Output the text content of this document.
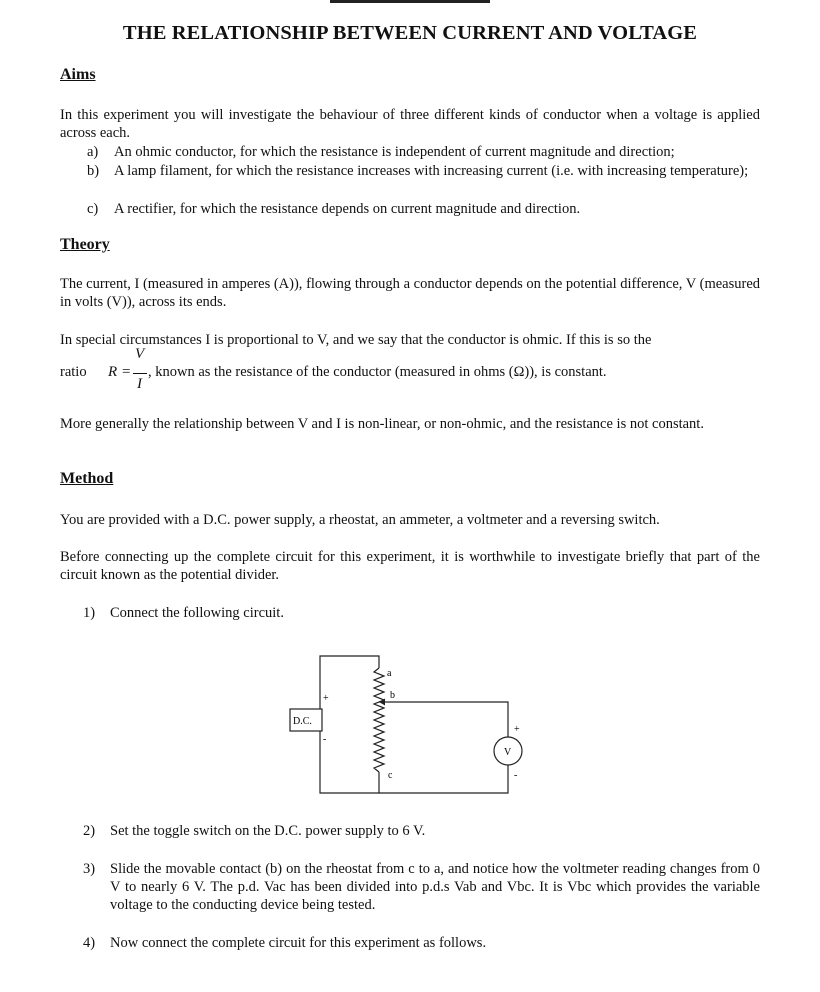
THE RELATIONSHIP BETWEEN CURRENT AND VOLTAGE
Aims

In this experiment you will investigate the behaviour of three different kinds of conductor when a voltage is applied across each.

a) An ohmic conductor, for which the resistance is independent of current magnitude and direction;
b) A lamp filament, for which the resistance increases with increasing current (i.e. with increasing temperature);
c) A rectifier, for which the resistance depends on current magnitude and direction.
Theory

The current, I (measured in amperes (A)), flowing through a conductor depends on the potential difference, V (measured in volts (V)), across its ends.

In special circumstances I is proportional to V, and we say that the conductor is ohmic. If this is so the

ratio R =
V
I
, known as the resistance of the conductor (measured in ohms (Ω)), is constant.

More generally the relationship between V and I is non-linear, or non-ohmic, and the resistance is not constant.

Method

You are provided with a D.C. power supply, a rheostat, an ammeter, a voltmeter and a reversing switch.

Before connecting up the complete circuit for this experiment, it is worthwhile to investigate briefly that part of the circuit known as the potential divider.

1) Connect the following circuit.
D.C.
+
-
a
b
c
V
+
-
2) Set the toggle switch on the D.C. power supply to 6 V.
3) Slide the movable contact (b) on the rheostat from c to a, and notice how the voltmeter reading changes from 0 V to nearly 6 V. The p.d. Vac has been divided into p.d.s Vab and Vbc. It is Vbc which provides the variable voltage to the conducting device being tested.
4) Now connect the complete circuit for this experiment as follows.
